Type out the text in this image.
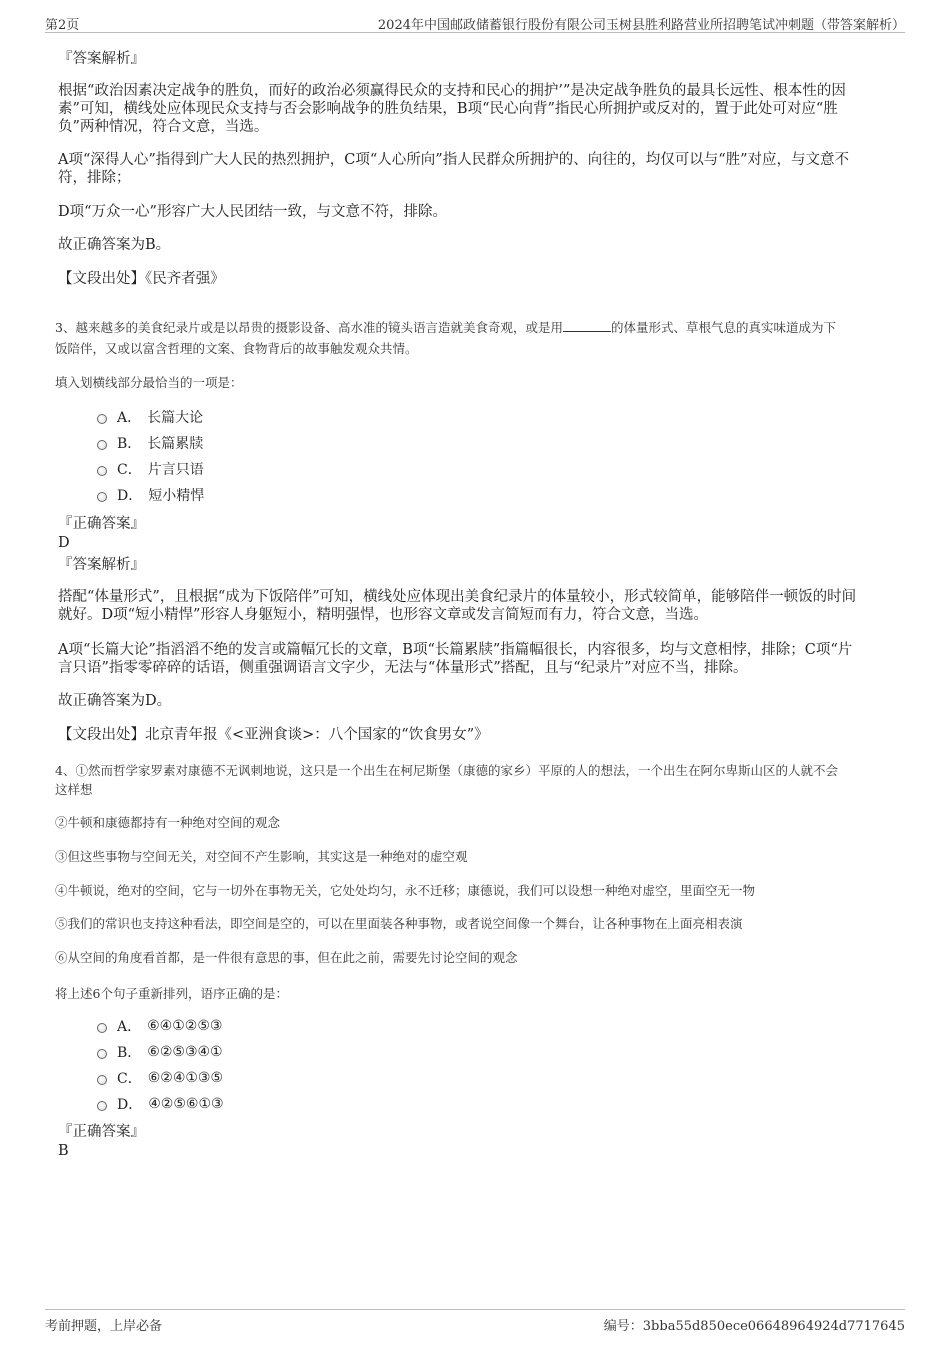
第2页	2024年中国邮政储蓄银行股份有限公司玉树县胜利路营业所招聘笔试冲刺题（带答案解析）
『答案解析』
根据“政治因素决定战争的胜负，而好的政治必须赢得民众的支持和民心的拥护’”是决定战争胜负的最具长远性、根本性的因
素”可知，横线处应体现民众支持与否会影响战争的胜负结果，B项“民心向背”指民心所拥护或反对的，置于此处可对应“胜
负”两种情况，符合文意，当选。
A项“深得人心”指得到广大人民的热烈拥护，C项“人心所向”指人民群众所拥护的、向往的，均仅可以与“胜”对应，与文意不
符，排除；
D项“万众一心”形容广大人民团结一致，与文意不符，排除。
故正确答案为B。
【文段出处】《民齐者强》
3、越来越多的美食纪录片或是以昂贵的摄影设备、高水准的镜头语言造就美食奇观，或是用	的体量形式、草根气息的真实味道成为下
饭陪伴，又或以富含哲理的文案、食物背后的故事触发观众共情。
填入划横线部分最恰当的一项是：
A． 长篇大论
B． 长篇累牍
C． 片言只语
D． 短小精悍
『正确答案』
D
『答案解析』
搭配“体量形式”，且根据“成为下饭陪伴”可知，横线处应体现出美食纪录片的体量较小，形式较简单，能够陪伴一顿饭的时间
就好。D项“短小精悍”形容人身躯短小，精明强悍，也形容文章或发言简短而有力，符合文意，当选。
A项“长篇大论”指滔滔不绝的发言或篇幅冗长的文章，B项“长篇累牍”指篇幅很长，内容很多，均与文意相悖，排除；C项“片
言只语”指零零碎碎的话语，侧重强调语言文字少，无法与“体量形式”搭配，且与“纪录片”对应不当，排除。
故正确答案为D。
【文段出处】北京青年报《<亚洲食谈>：八个国家的“饮食男女”》
4、①然而哲学家罗素对康德不无讽刺地说，这只是一个出生在柯尼斯堡（康德的家乡）平原的人的想法，一个出生在阿尔卑斯山区的人就不会
这样想
②牛顿和康德都持有一种绝对空间的观念
③但这些事物与空间无关，对空间不产生影响，其实这是一种绝对的虚空观
④牛顿说，绝对的空间，它与一切外在事物无关，它处处均匀，永不迁移；康德说，我们可以设想一种绝对虚空，里面空无一物
⑤我们的常识也支持这种看法，即空间是空的，可以在里面装各种事物，或者说空间像一个舞台，让各种事物在上面亮相表演
⑥从空间的角度看首都，是一件很有意思的事，但在此之前，需要先讨论空间的观念
将上述6个句子重新排列，语序正确的是：
A． ⑥④①②⑤③
B． ⑥②⑤③④①
C． ⑥②④①③⑤
D． ④②⑤⑥①③
『正确答案』
B
考前押题，上岸必备	编号：3bba55d850ece06648964924d7717645
